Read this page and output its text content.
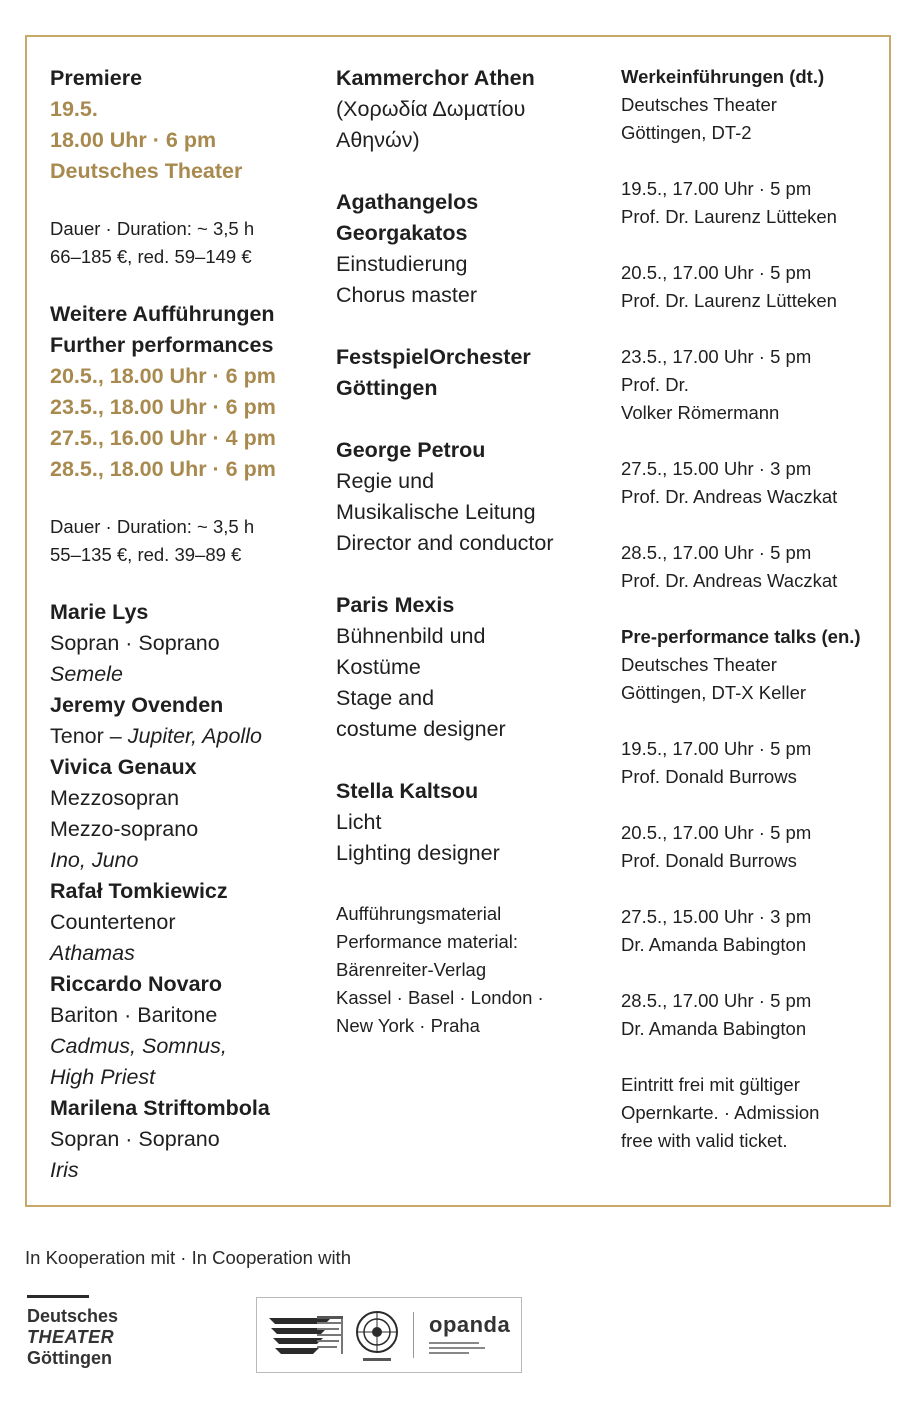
Premiere

19.5.

18.00 Uhr · 6 pm

Deutsches Theater

Dauer · Duration: ~ 3,5 h

66–185 €, red. 59–149 €

Weitere Aufführungen

Further performances

20.5., 18.00 Uhr · 6 pm

23.5., 18.00 Uhr · 6 pm

27.5., 16.00 Uhr · 4 pm

28.5., 18.00 Uhr · 6 pm

Dauer · Duration: ~ 3,5 h

55–135 €, red. 39–89 €

Marie Lys

Sopran · Soprano

Semele

Jeremy Ovenden

Tenor – Jupiter, Apollo

Vivica Genaux

Mezzosopran

Mezzo-soprano

Ino, Juno

Rafał Tomkiewicz

Countertenor

Athamas

Riccardo Novaro

Bariton · Baritone

Cadmus, Somnus,

High Priest

Marilena Striftombola

Sopran · Soprano

Iris

Kammerchor Athen

(Χορωδία Δωματίου

Αθηνών)

Agathangelos

Georgakatos

Einstudierung

Chorus master

FestspielOrchester

Göttingen

George Petrou

Regie und

Musikalische Leitung

Director and conductor

Paris Mexis

Bühnenbild und

Kostüme

Stage and

costume designer

Stella Kaltsou

Licht

Lighting designer

Aufführungsmaterial

Performance material:

Bärenreiter-Verlag

Kassel · Basel · London ·

New York · Praha

Werkeinführungen (dt.)

Deutsches Theater

Göttingen, DT-2

19.5., 17.00 Uhr · 5 pm

Prof. Dr. Laurenz Lütteken

20.5., 17.00 Uhr · 5 pm

Prof. Dr. Laurenz Lütteken

23.5., 17.00 Uhr · 5 pm

Prof. Dr.

Volker Römermann

27.5., 15.00 Uhr · 3 pm

Prof. Dr. Andreas Waczkat

28.5., 17.00 Uhr · 5 pm

Prof. Dr. Andreas Waczkat

Pre-performance talks (en.)

Deutsches Theater

Göttingen, DT-X Keller

19.5., 17.00 Uhr · 5 pm

Prof. Donald Burrows

20.5., 17.00 Uhr · 5 pm

Prof. Donald Burrows

27.5., 15.00 Uhr · 3 pm

Dr. Amanda Babington

28.5., 17.00 Uhr · 5 pm

Dr. Amanda Babington

Eintritt frei mit gültiger

Opernkarte. · Admission

free with valid ticket.

In Kooperation mit · In Cooperation with
Deutsches
THEATER
Göttingen
opanda
